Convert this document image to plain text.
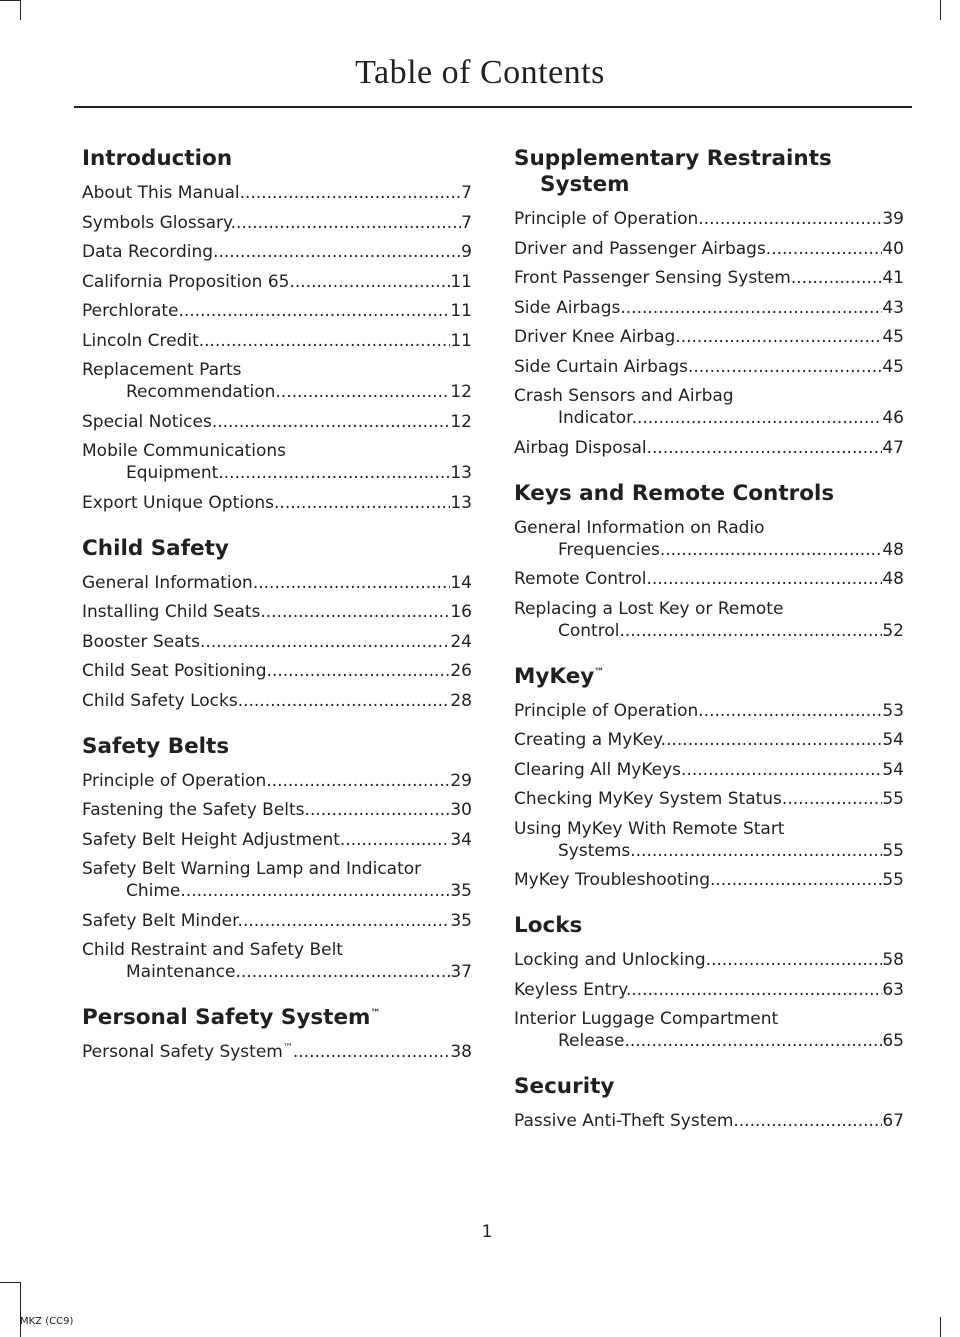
Table of Contents
Introduction
About This Manual .....	7
Symbols Glossary .....	7
Data Recording .....	9
California Proposition 65 .....	11
Perchlorate .....	11
Lincoln Credit .....	11
Replacement Parts
Recommendation .....	12
Special Notices .....	12
Mobile Communications
Equipment .....	13
Export Unique Options .....	13
Child Safety
General Information .....	14
Installing Child Seats .....	16
Booster Seats .....	24
Child Seat Positioning .....	26
Child Safety Locks .....	28
Safety Belts
Principle of Operation .....	29
Fastening the Safety Belts .....	30
Safety Belt Height Adjustment .....	34
Safety Belt Warning Lamp and Indicator
Chime .....	35
Safety Belt Minder .....	35
Child Restraint and Safety Belt
Maintenance .....	37
Personal Safety System™
Personal Safety System™ .....	38
Supplementary Restraints System
Principle of Operation .....	39
Driver and Passenger Airbags .....	40
Front Passenger Sensing System .....	41
Side Airbags .....	43
Driver Knee Airbag .....	45
Side Curtain Airbags .....	45
Crash Sensors and Airbag
Indicator .....	46
Airbag Disposal .....	47
Keys and Remote Controls
General Information on Radio
Frequencies .....	48
Remote Control .....	48
Replacing a Lost Key or Remote
Control .....	52
MyKey™
Principle of Operation .....	53
Creating a MyKey .....	54
Clearing All MyKeys .....	54
Checking MyKey System Status .....	55
Using MyKey With Remote Start
Systems .....	55
MyKey Troubleshooting .....	55
Locks
Locking and Unlocking .....	58
Keyless Entry .....	63
Interior Luggage Compartment
Release .....	65
Security
Passive Anti-Theft System .....	67
1
MKZ (CC9)
